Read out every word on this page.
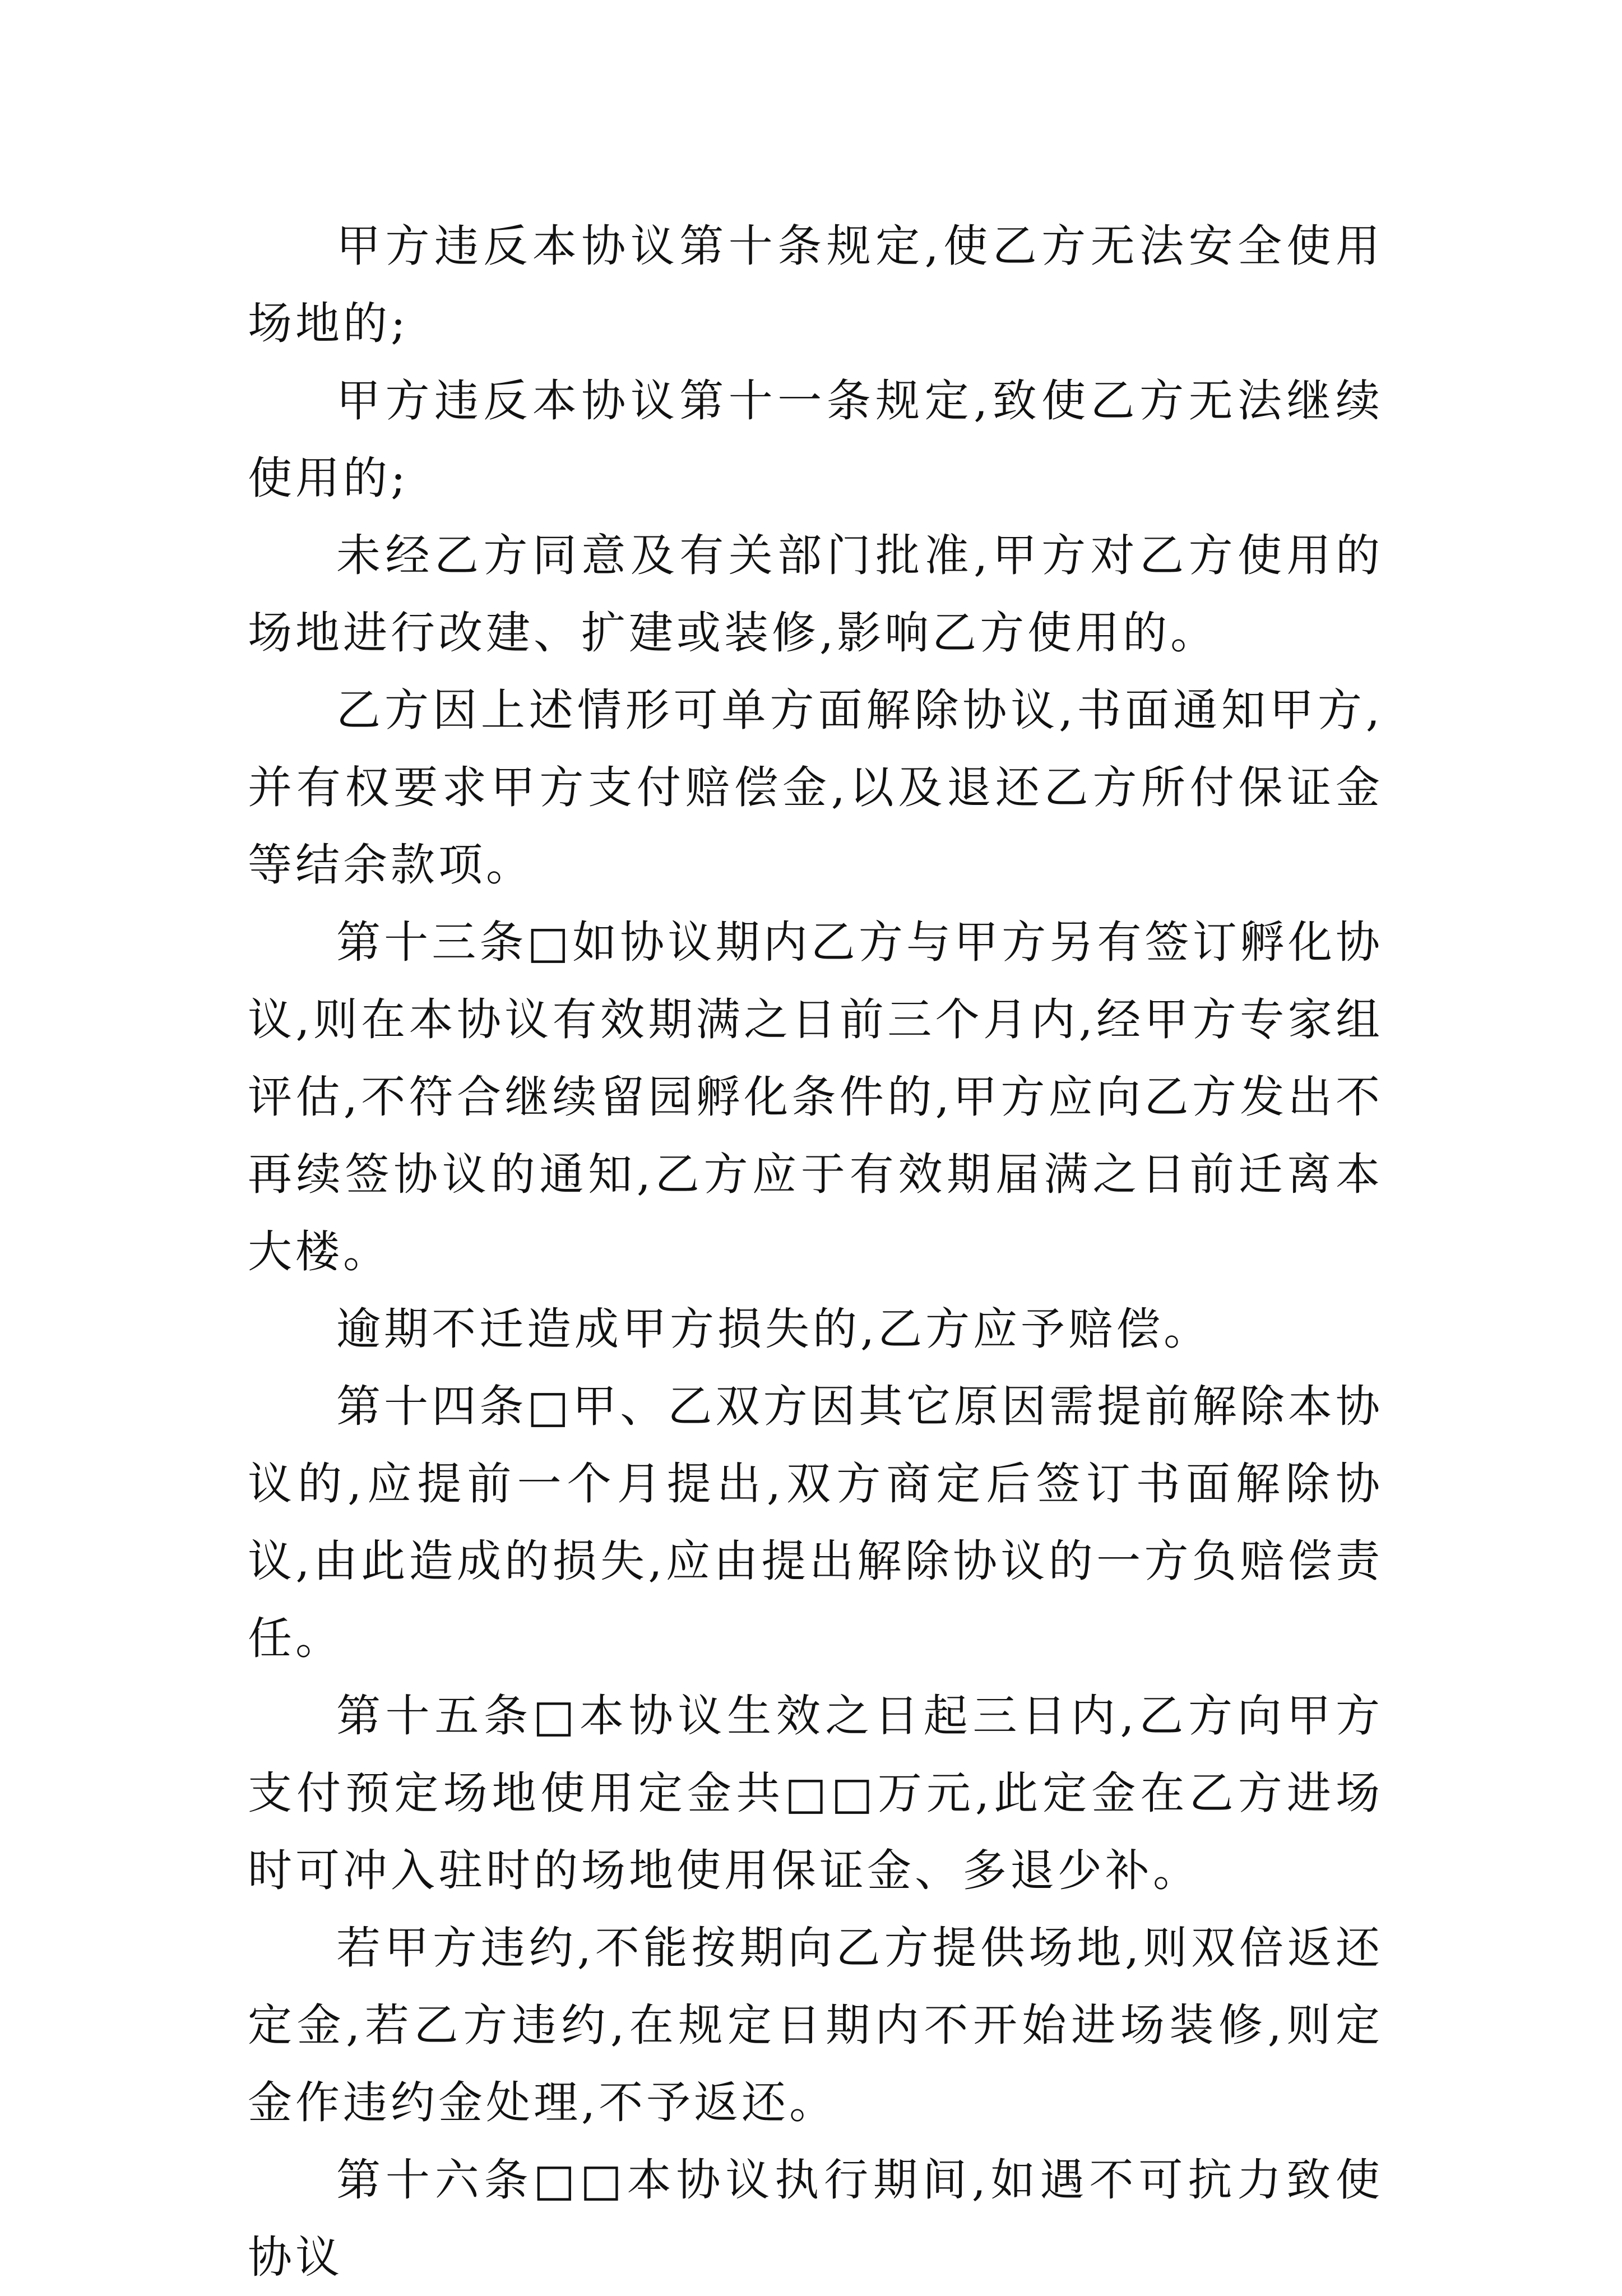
甲方违反本协议第十条规定,使乙方无法安全使用场地的;

甲方违反本协议第十一条规定,致使乙方无法继续使用的;

未经乙方同意及有关部门批准,甲方对乙方使用的场地进行改建、扩建或装修,影响乙方使用的。

乙方因上述情形可单方面解除协议,书面通知甲方,并有权要求甲方支付赔偿金,以及退还乙方所付保证金等结余款项。

第十三条□如协议期内乙方与甲方另有签订孵化协议,则在本协议有效期满之日前三个月内,经甲方专家组评估,不符合继续留园孵化条件的,甲方应向乙方发出不再续签协议的通知,乙方应于有效期届满之日前迁离本大楼。

逾期不迁造成甲方损失的,乙方应予赔偿。

第十四条□甲、乙双方因其它原因需提前解除本协议的,应提前一个月提出,双方商定后签订书面解除协议,由此造成的损失,应由提出解除协议的一方负赔偿责任。

第十五条□本协议生效之日起三日内,乙方向甲方支付预定场地使用定金共□□万元,此定金在乙方进场时可冲入驻时的场地使用保证金、多退少补。

若甲方违约,不能按期向乙方提供场地,则双倍返还定金,若乙方违约,在规定日期内不开始进场装修,则定金作违约金处理,不予返还。

第十六条□□本协议执行期间,如遇不可抗力致使协议
